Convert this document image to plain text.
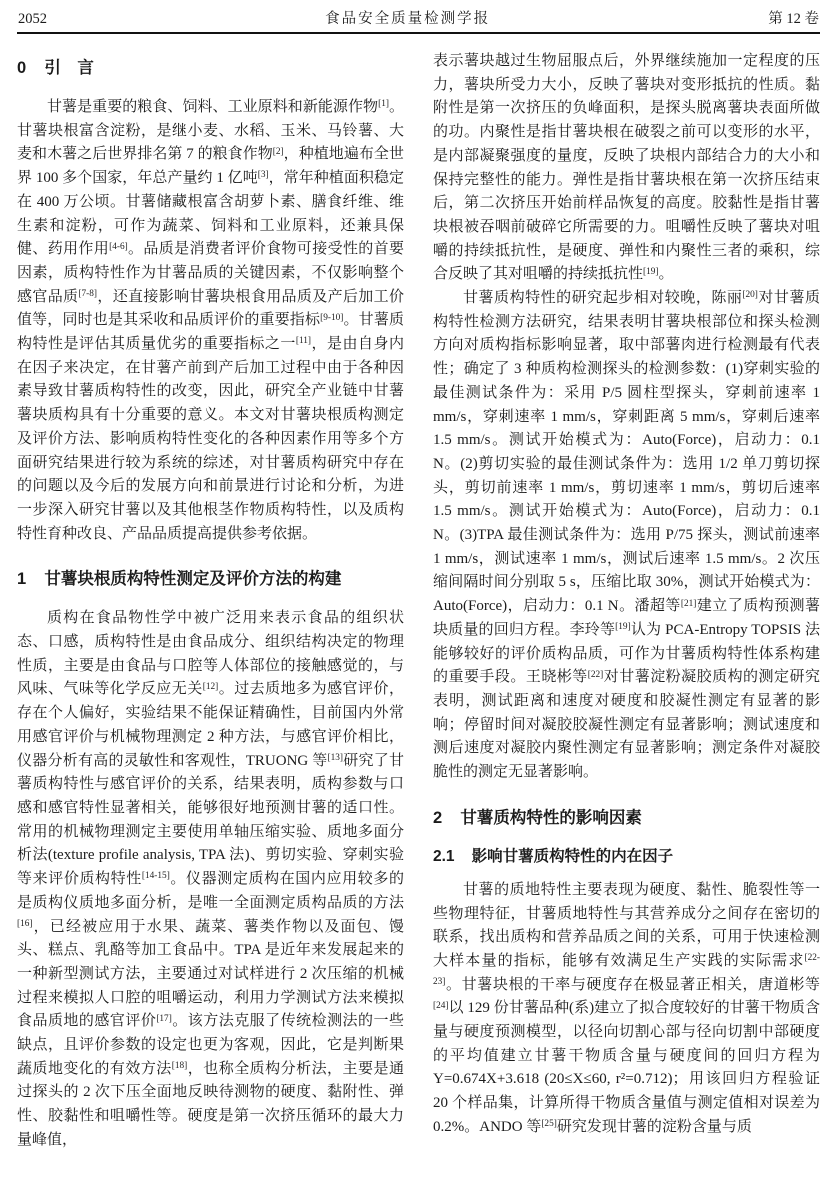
2052	食品安全质量检测学报	第 12 卷
0 引　言

甘薯是重要的粮食、饲料、工业原料和新能源作物[1]。甘薯块根富含淀粉，是继小麦、水稻、玉米、马铃薯、大麦和木薯之后世界排名第 7 的粮食作物[2]，种植地遍布全世界 100 多个国家，年总产量约 1 亿吨[3]，常年种植面积稳定在 400 万公顷。甘薯储藏根富含胡萝卜素、膳食纤维、维生素和淀粉，可作为蔬菜、饲料和工业原料，还兼具保健、药用作用[4-6]。品质是消费者评价食物可接受性的首要因素，质构特性作为甘薯品质的关键因素，不仅影响整个感官品质[7-8]，还直接影响甘薯块根食用品质及产后加工价值等，同时也是其采收和品质评价的重要指标[9-10]。甘薯质构特性是评估其质量优劣的重要指标之一[11]，是由自身内在因子来决定，在甘薯产前到产后加工过程中由于各种因素导致甘薯质构特性的改变，因此，研究全产业链中甘薯薯块质构具有十分重要的意义。本文对甘薯块根质构测定及评价方法、影响质构特性变化的各种因素作用等多个方面研究结果进行较为系统的综述，对甘薯质构研究中存在的问题以及今后的发展方向和前景进行讨论和分析，为进一步深入研究甘薯以及其他根茎作物质构特性，以及质构特性育种改良、产品品质提高提供参考依据。

1 甘薯块根质构特性测定及评价方法的构建

质构在食品物性学中被广泛用来表示食品的组织状态、口感，质构特性是由食品成分、组织结构决定的物理性质，主要是由食品与口腔等人体部位的接触感觉的，与风味、气味等化学反应无关[12]。过去质地多为感官评价，存在个人偏好，实验结果不能保证精确性，目前国内外常用感官评价与机械物理测定 2 种方法，与感官评价相比，仪器分析有高的灵敏性和客观性，TRUONG 等[13]研究了甘薯质构特性与感官评价的关系，结果表明，质构参数与口感和感官特性显著相关，能够很好地预测甘薯的适口性。常用的机械物理测定主要使用单轴压缩实验、质地多面分析法(texture profile analysis, TPA 法)、剪切实验、穿刺实验等来评价质构特性[14-15]。仪器测定质构在国内应用较多的是质构仪质地多面分析，是唯一全面测定质构品质的方法[16]，已经被应用于水果、蔬菜、薯类作物以及面包、馒头、糕点、乳酪等加工食品中。TPA 是近年来发展起来的一种新型测试方法，主要通过对试样进行 2 次压缩的机械过程来模拟人口腔的咀嚼运动，利用力学测试方法来模拟食品质地的感官评价[17]。该方法克服了传统检测法的一些缺点，且评价参数的设定也更为客观，因此，它是判断果蔬质地变化的有效方法[18]，也称全质构分析法，主要是通过探头的 2 次下压全面地反映待测物的硬度、黏附性、弹性、胶黏性和咀嚼性等。硬度是第一次挤压循环的最大力量峰值，

表示薯块越过生物屈服点后，外界继续施加一定程度的压力，薯块所受力大小，反映了薯块对变形抵抗的性质。黏附性是第一次挤压的负峰面积，是探头脱离薯块表面所做的功。内聚性是指甘薯块根在破裂之前可以变形的水平，是内部凝聚强度的量度，反映了块根内部结合力的大小和保持完整性的能力。弹性是指甘薯块根在第一次挤压结束后，第二次挤压开始前样品恢复的高度。胶黏性是指甘薯块根被吞咽前破碎它所需要的力。咀嚼性反映了薯块对咀嚼的持续抵抗性，是硬度、弹性和内聚性三者的乘积，综合反映了其对咀嚼的持续抵抗性[19]。

甘薯质构特性的研究起步相对较晚，陈丽[20]对甘薯质构特性检测方法研究，结果表明甘薯块根部位和探头检测方向对质构指标影响显著，取中部薯肉进行检测最有代表性；确定了 3 种质构检测探头的检测参数：(1)穿刺实验的最佳测试条件为：采用 P/5 圆柱型探头，穿刺前速率 1 mm/s，穿刺速率 1 mm/s，穿刺距离 5 mm/s，穿刺后速率 1.5 mm/s。测试开始模式为：Auto(Force)，启动力：0.1 N。(2)剪切实验的最佳测试条件为：选用 1/2 单刀剪切探头，剪切前速率 1 mm/s，剪切速率 1 mm/s，剪切后速率 1.5 mm/s。测试开始模式为：Auto(Force)，启动力：0.1 N。(3)TPA 最佳测试条件为：选用 P/75 探头，测试前速率 1 mm/s，测试速率 1 mm/s，测试后速率 1.5 mm/s。2 次压缩间隔时间分别取 5 s，压缩比取 30%，测试开始模式为：Auto(Force)，启动力：0.1 N。潘超等[21]建立了质构预测薯块质量的回归方程。李玲等[19]认为 PCA-Entropy TOPSIS 法能够较好的评价质构品质，可作为甘薯质构特性体系构建的重要手段。王晓彬等[22]对甘薯淀粉凝胶质构的测定研究表明，测试距离和速度对硬度和胶凝性测定有显著的影响；停留时间对凝胶胶凝性测定有显著影响；测试速度和测后速度对凝胶内聚性测定有显著影响；测定条件对凝胶脆性的测定无显著影响。

2 甘薯质构特性的影响因素
2.1 影响甘薯质构特性的内在因子

甘薯的质地特性主要表现为硬度、黏性、脆裂性等一些物理特征，甘薯质地特性与其营养成分之间存在密切的联系，找出质构和营养品质之间的关系，可用于快速检测大样本量的指标，能够有效满足生产实践的实际需求[22-23]。甘薯块根的干率与硬度存在极显著正相关，唐道彬等[24]以 129 份甘薯品种(系)建立了拟合度较好的甘薯干物质含量与硬度预测模型，以径向切割心部与径向切割中部硬度的平均值建立甘薯干物质含量与硬度间的回归方程为 Y=0.674X+3.618 (20≤X≤60, r²=0.712)；用该回归方程验证 20 个样品集，计算所得干物质含量值与测定值相对误差为 0.2%。ANDO 等[25]研究发现甘薯的淀粉含量与质
